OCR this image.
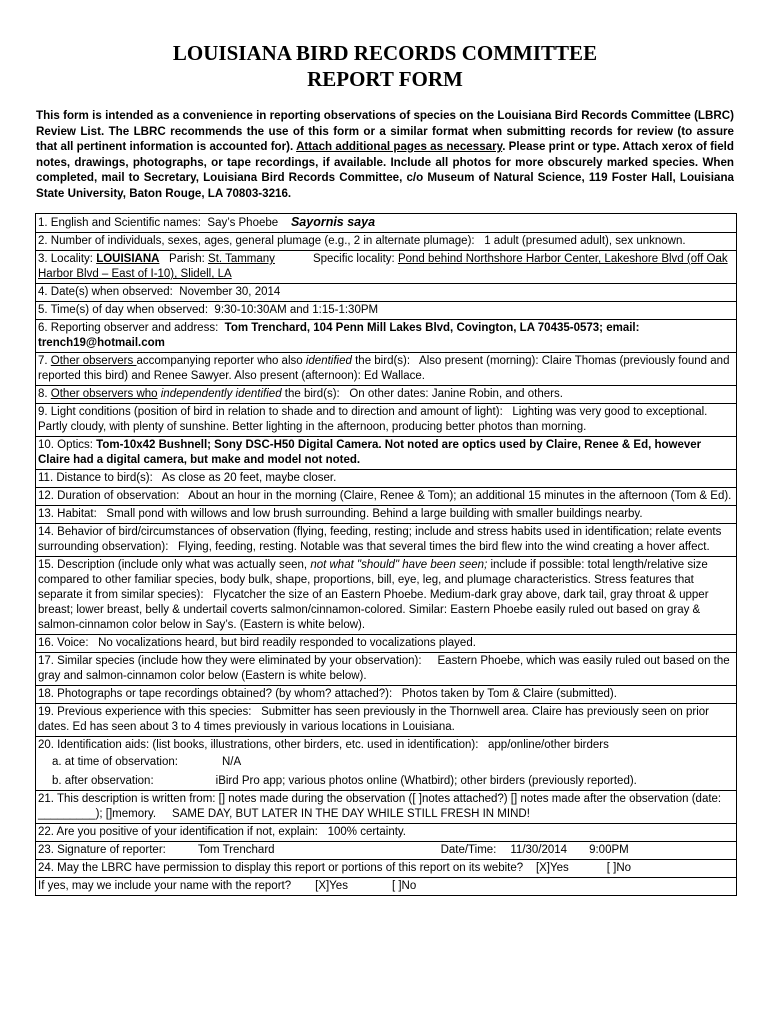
LOUISIANA BIRD RECORDS COMMITTEE
REPORT FORM
This form is intended as a convenience in reporting observations of species on the Louisiana Bird Records Committee (LBRC) Review List. The LBRC recommends the use of this form or a similar format when submitting records for review (to assure that all pertinent information is accounted for). Attach additional pages as necessary. Please print or type. Attach xerox of field notes, drawings, photographs, or tape recordings, if available. Include all photos for more obscurely marked species. When completed, mail to Secretary, Louisiana Bird Records Committee, c/o Museum of Natural Science, 119 Foster Hall, Louisiana State University, Baton Rouge, LA 70803-3216.
1. English and Scientific names: Say’s Phoebe Sayornis saya
2. Number of individuals, sexes, ages, general plumage (e.g., 2 in alternate plumage): 1 adult (presumed adult), sex unknown.
3. Locality: LOUISIANA Parish: St. Tammany	Specific locality: Pond behind Northshore Harbor Center, Lakeshore Blvd (off Oak Harbor Blvd – East of I-10), Slidell, LA
4. Date(s) when observed: November 30, 2014
5. Time(s) of day when observed: 9:30-10:30AM and 1:15-1:30PM
6. Reporting observer and address: Tom Trenchard, 104 Penn Mill Lakes Blvd, Covington, LA 70435-0573; email: trench19@hotmail.com
7. Other observers accompanying reporter who also identified the bird(s): Also present (morning): Claire Thomas (previously found and reported this bird) and Renee Sawyer. Also present (afternoon): Ed Wallace.
8. Other observers who independently identified the bird(s): On other dates: Janine Robin, and others.
9. Light conditions (position of bird in relation to shade and to direction and amount of light): Lighting was very good to exceptional. Partly cloudy, with plenty of sunshine. Better lighting in the afternoon, producing better photos than morning.
10. Optics: Tom-10x42 Bushnell; Sony DSC-H50 Digital Camera. Not noted are optics used by Claire, Renee & Ed, however Claire had a digital camera, but make and model not noted.
11. Distance to bird(s): As close as 20 feet, maybe closer.
12. Duration of observation: About an hour in the morning (Claire, Renee & Tom); an additional 15 minutes in the afternoon (Tom & Ed).
13. Habitat: Small pond with willows and low brush surrounding. Behind a large building with smaller buildings nearby.
14. Behavior of bird/circumstances of observation (flying, feeding, resting; include and stress habits used in identification; relate events surrounding observation): Flying, feeding, resting. Notable was that several times the bird flew into the wind creating a hover affect.
15. Description (include only what was actually seen, not what "should" have been seen; include if possible: total length/relative size compared to other familiar species, body bulk, shape, proportions, bill, eye, leg, and plumage characteristics. Stress features that separate it from similar species): Flycatcher the size of an Eastern Phoebe. Medium-dark gray above, dark tail, gray throat & upper breast; lower breast, belly & undertail coverts salmon/cinnamon-colored. Similar: Eastern Phoebe easily ruled out based on gray & salmon-cinnamon color below in Say’s. (Eastern is white below).
16. Voice: No vocalizations heard, but bird readily responded to vocalizations played.
17. Similar species (include how they were eliminated by your observation): Eastern Phoebe, which was easily ruled out based on the gray and salmon-cinnamon color below (Eastern is white below).
18. Photographs or tape recordings obtained? (by whom? attached?): Photos taken by Tom & Claire (submitted).
19. Previous experience with this species: Submitter has seen previously in the Thornwell area. Claire has previously seen on prior dates. Ed has seen about 3 to 4 times previously in various locations in Louisiana.
20. Identification aids: (list books, illustrations, other birders, etc. used in identification): app/online/other birders
a. at time of observation:	N/A
b. after observation:	iBird Pro app; various photos online (Whatbird); other birders (previously reported).
21. This description is written from: [] notes made during the observation ([ ]notes attached?) [] notes made after the observation (date: _________); []memory. SAME DAY, BUT LATER IN THE DAY WHILE STILL FRESH IN MIND!
22. Are you positive of your identification if not, explain: 100% certainty.
23. Signature of reporter:	Tom Trenchard	Date/Time: 11/30/2014 9:00PM
24. May the LBRC have permission to display this report or portions of this report on its webite? [X]Yes	[ ]No
If yes, may we include your name with the report? [X]Yes	[ ]No
